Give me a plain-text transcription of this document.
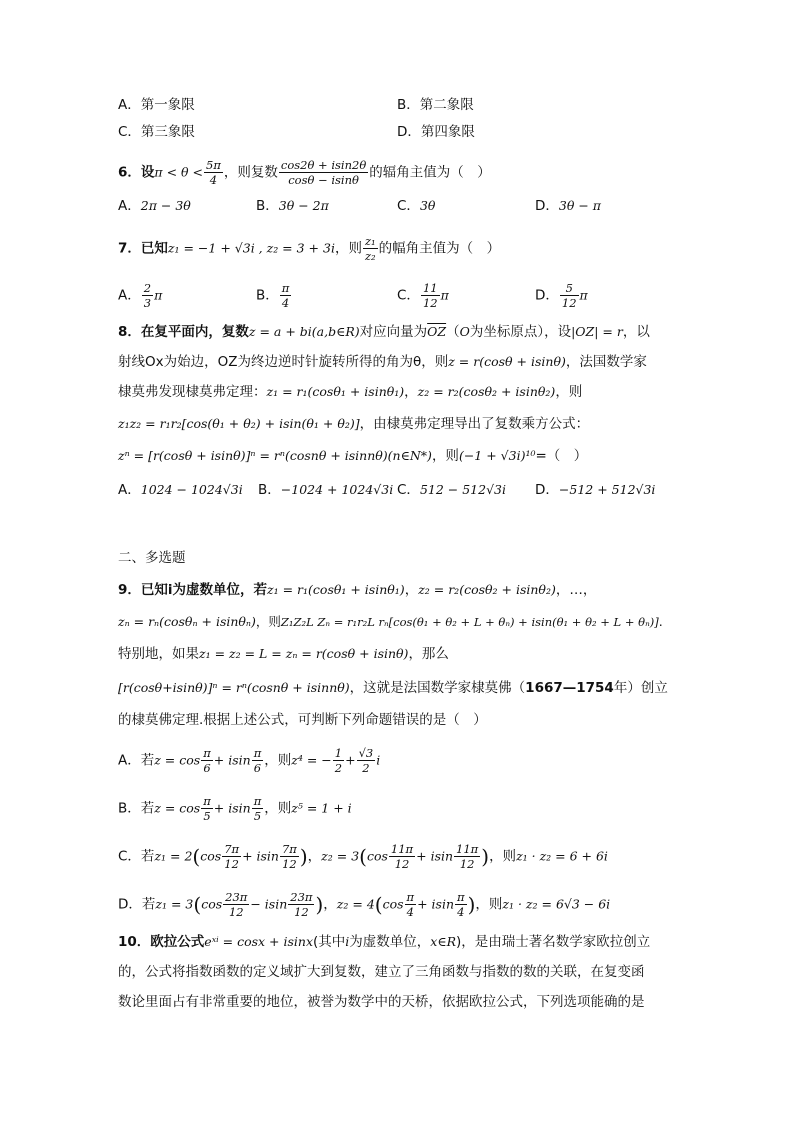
A．第一象限	B．第二象限
C．第三象限	D．第四象限
6．设$\pi < \theta < \frac{5\pi}{4}$ ，则复数 $\frac{\cos 2\theta + isin2\theta}{\cos\theta - isin\theta}$ 的辐角主值为（　）
A．2π − 3θ	B．3θ − 2π	C．3θ	D．3θ − π
7．已知z₁ = −1 + √3i , z₂ = 3 + 3i，则 $\frac{\text{z₁}}{\text{z₂}}$ 的幅角主值为（　）
A． $\frac{2}{3}$ π	B． $\frac{\pi}{4}$	C． $\frac{11}{12}$ π	D． $\frac{5}{12}$ π
8．在复平面内，复数z = a + bi(a,b∈R)对应向量为$\overline{OZ}(O$为坐标原点），设|OZ| = r，以
射线Ox为始边，OZ为终边逆时针旋转所得的角为θ，则z = r(cosθ + isinθ)，法国数学家
棣莫弗发现棣莫弗定理：z₁ = r₁(cosθ₁ + isinθ₁)，z₂ = r₂(cosθ₂ + isinθ₂)，则
z₁z₂ = r₁r₂[cos(θ₁ + θ₂) + isin(θ₁ + θ₂)]，由棣莫弗定理导出了复数乘方公式：
zⁿ = [r(cosθ + isinθ)]ⁿ = rⁿ(cosnθ + isinnθ)(n∈N*)，则(−1 + √3i)¹⁰=（　）
A．1024 − 1024√3i B．−1024 + 1024√3i C．512 − 512√3i D．−512 + 512√3i
二、多选题
9．已知i为虚数单位，若z₁ = r₁(cosθ₁ + isinθ₁)，z₂ = r₂(cosθ₂ + isinθ₂)，…，
zₙ = rₙ(cosθₙ + isinθₙ)，则Z₁Z₂L Zₙ = r₁r₂L rₙ[cos(θ₁ + θ₂ + L + θₙ) + isin(θ₁ + θ₂ + L + θₙ)].
特别地，如果z₁ = z₂ = L = zₙ = r(cosθ + isinθ)，那么
[r(cosθ+isinθ)]ⁿ = rⁿ(cosnθ + isinnθ)，这就是法国数学家棣莫佛（1667—1754年）创立
的棣莫佛定理.根据上述公式，可判断下列命题错误的是（　）
A．若$z = \cos \frac{\pi}{6} + isin \frac{\pi}{6}$ ，则z⁴ = − $\frac{1}{2} + \frac{√3}{2}$ i
B．若$z = \cos \frac{\pi}{5} + isin \frac{\pi}{5}$ ，则z⁵ = 1 + i
C．若$z_1 = 2(\cos \frac{7\pi}{12} + isin \frac{7\pi}{12}$ )，$z_2 = 3(\cos \frac{11\pi}{12} + isin \frac{11\pi}{12}$ )，则z₁ · z₂ = 6 + 6i
D．若$z_1 = 3(\cos \frac{23\pi}{12} - isin \frac{23\pi}{12}$ )，$z_2 = 4(\cos \frac{\pi}{4} + isin \frac{\pi}{4}$ )，则z₁ · z₂ = 6√3 − 6i
10．欧拉公式eˣⁱ = cosx + isinx(其中i为虚数单位，x∈R)，是由瑞士著名数学家欧拉创立
的，公式将指数函数的定义域扩大到复数，建立了三角函数与指数的数的关联，在复变函
数论里面占有非常重要的地位，被誉为数学中的天桥，依据欧拉公式，下列选项能确的是
